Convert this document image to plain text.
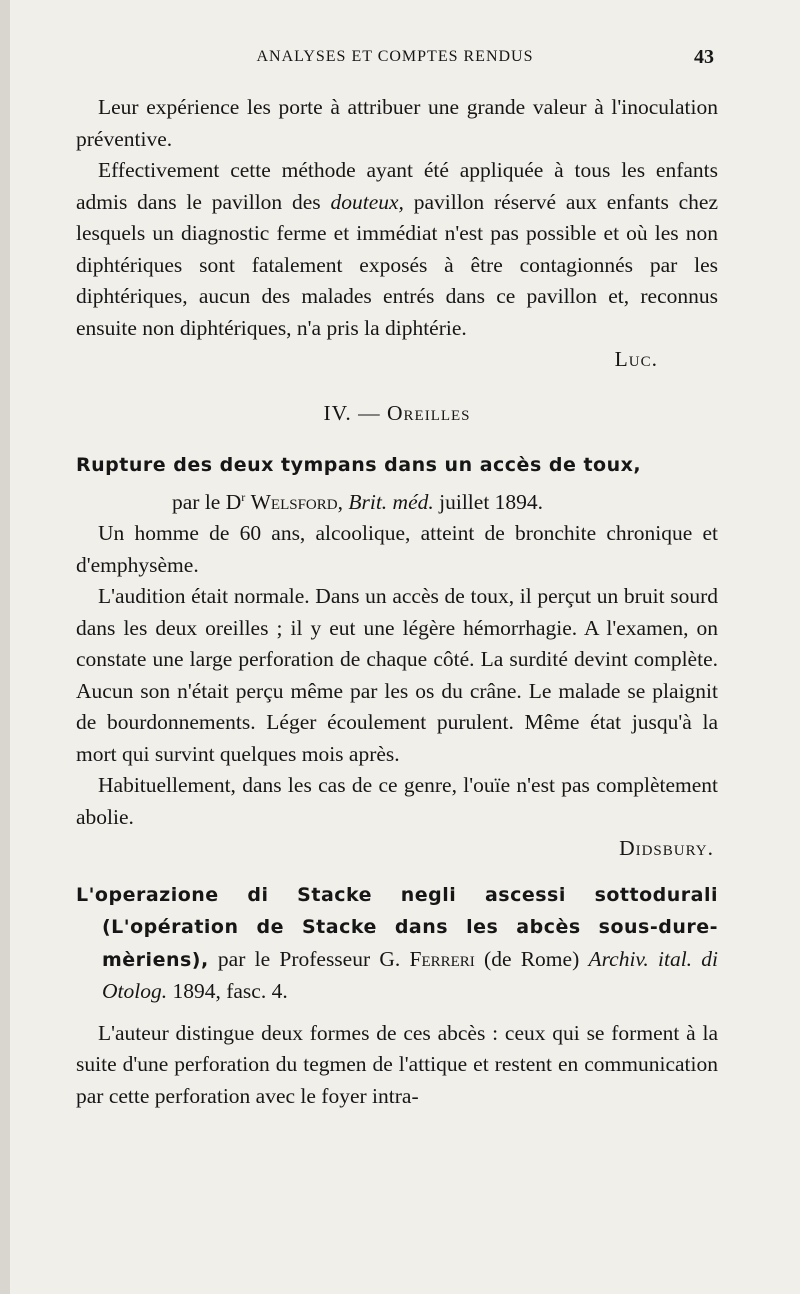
ANALYSES ET COMPTES RENDUS	43

Leur expérience les porte à attribuer une grande valeur à l'inoculation préventive.

Effectivement cette méthode ayant été appliquée à tous les enfants admis dans le pavillon des douteux, pavillon réservé aux enfants chez lesquels un diagnostic ferme et immédiat n'est pas possible et où les non diphtériques sont fatalement exposés à être contagionnés par les diphtériques, aucun des malades entrés dans ce pavillon et, reconnus ensuite non diphtériques, n'a pris la diphtérie.

Luc.

IV. — Oreilles

Rupture des deux tympans dans un accès de toux,

par le $D^r$ Welsford, Brit. méd. juillet 1894.

Un homme de 60 ans, alcoolique, atteint de bronchite chronique et d'emphysème.

L'audition était normale. Dans un accès de toux, il perçut un bruit sourd dans les deux oreilles ; il y eut une légère hémorrhagie. A l'examen, on constate une large perforation de chaque côté. La surdité devint complète. Aucun son n'était perçu même par les os du crâne. Le malade se plaignit de bourdonnements. Léger écoulement purulent. Même état jusqu'à la mort qui survint quelques mois après.

Habituellement, dans les cas de ce genre, l'ouïe n'est pas complètement abolie.

Didsbury.

L'operazione di Stacke negli ascessi sottodurali (L'opération de Stacke dans les abcès sous-dure-mèriens), par le Professeur G. Ferreri (de Rome) Archiv. ital. di Otolog. 1894, fasc. 4.

L'auteur distingue deux formes de ces abcès : ceux qui se forment à la suite d'une perforation du tegmen de l'attique et restent en communication par cette perforation avec le foyer intra-
